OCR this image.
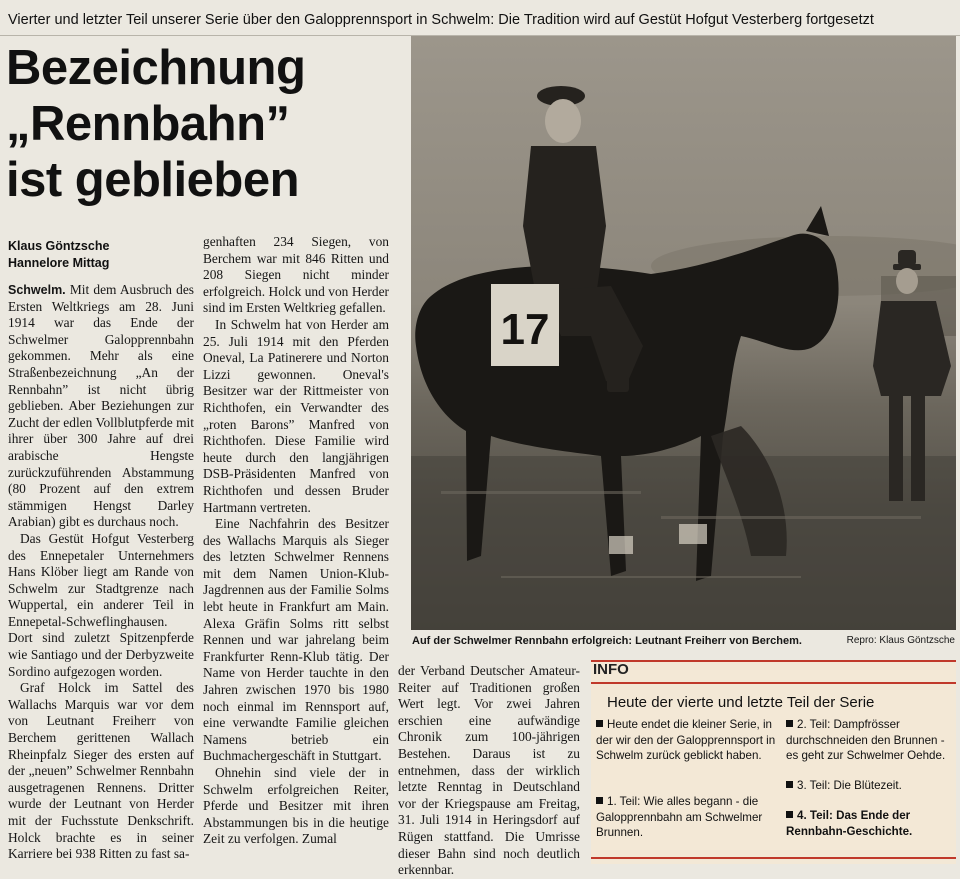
Vierter und letzter Teil unserer Serie über den Galopprennsport in Schwelm: Die Tradition wird auf Gestüt Hofgut Vesterberg fortgesetzt
Bezeichnung
„Rennbahn”
ist geblieben
Klaus Göntzsche
Hannelore Mittag

Schwelm. Mit dem Ausbruch des Ersten Weltkriegs am 28. Juni 1914 war das Ende der Schwelmer Galopprennbahn gekommen. Mehr als eine Straßenbezeichnung „An der Rennbahn” ist nicht übrig geblieben. Aber Beziehungen zur Zucht der edlen Vollblutpferde mit ihrer über 300 Jahre auf drei arabische Hengste zurückzuführenden Abstammung (80 Prozent auf den extrem stämmigen Hengst Darley Arabian) gibt es durchaus noch.

Das Gestüt Hofgut Vesterberg des Ennepetaler Unternehmers Hans Klöber liegt am Rande von Schwelm zur Stadtgrenze nach Wuppertal, ein anderer Teil in Ennepetal-Schweflinghausen. Dort sind zuletzt Spitzenpferde wie Santiago und der Derbyzweite Sordino aufgezogen worden.

Graf Holck im Sattel des Wallachs Marquis war vor dem von Leutnant Freiherr von Berchem gerittenen Wallach Rheinpfalz Sieger des ersten auf der „neuen” Schwelmer Rennbahn ausgetragenen Rennens. Dritter wurde der Leutnant von Herder mit der Fuchsstute Denkschrift. Holck brachte es in seiner Karriere bei 938 Ritten zu fast sa-

genhaften 234 Siegen, von Berchem war mit 846 Ritten und 208 Siegen nicht minder erfolgreich. Holck und von Herder sind im Ersten Weltkrieg gefallen.

In Schwelm hat von Herder am 25. Juli 1914 mit den Pferden Oneval, La Patinerere und Norton Lizzi gewonnen. Oneval's Besitzer war der Rittmeister von Richthofen, ein Verwandter des „roten Barons” Manfred von Richthofen. Diese Familie wird heute durch den langjährigen DSB-Präsidenten Manfred von Richthofen und dessen Bruder Hartmann vertreten.

Eine Nachfahrin des Besitzer des Wallachs Marquis als Sieger des letzten Schwelmer Rennens mit dem Namen Union-Klub-Jagdrennen aus der Familie Solms lebt heute in Frankfurt am Main. Alexa Gräfin Solms ritt selbst Rennen und war jahrelang beim Frankfurter Renn-Klub tätig. Der Name von Herder tauchte in den Jahren zwischen 1970 bis 1980 noch einmal im Rennsport auf, eine verwandte Familie gleichen Namens betrieb ein Buchmachergeschäft in Stuttgart.

Ohnehin sind viele der in Schwelm erfolgreichen Reiter, Pferde und Besitzer mit ihren Abstammungen bis in die heutige Zeit zu verfolgen. Zumal

der Verband Deutscher Amateur-Reiter auf Traditionen großen Wert legt. Vor zwei Jahren erschien eine aufwändige Chronik zum 100-jährigen Bestehen. Daraus ist zu entnehmen, dass der wirklich letzte Renntag in Deutschland vor der Kriegspause am Freitag, 31. Juli 1914 in Heringsdorf auf Rügen stattfand. Die Umrisse dieser Bahn sind noch deutlich erkennbar.

17
Auf der Schwelmer Rennbahn erfolgreich: Leutnant Freiherr von Berchem.	Repro: Klaus Göntzsche
INFO
Heute der vierte und letzte Teil der Serie
Heute endet die kleiner Serie, in der wir den der Galopprennsport in Schwelm zurück geblickt haben.
1. Teil: Wie alles begann - die Galopprennbahn am Schwelmer Brunnen.
2. Teil: Dampfrösser durchschneiden den Brunnen - es geht zur Schwelmer Oehde.
3. Teil: Die Blütezeit.
4. Teil: Das Ende der Rennbahn-Geschichte.
